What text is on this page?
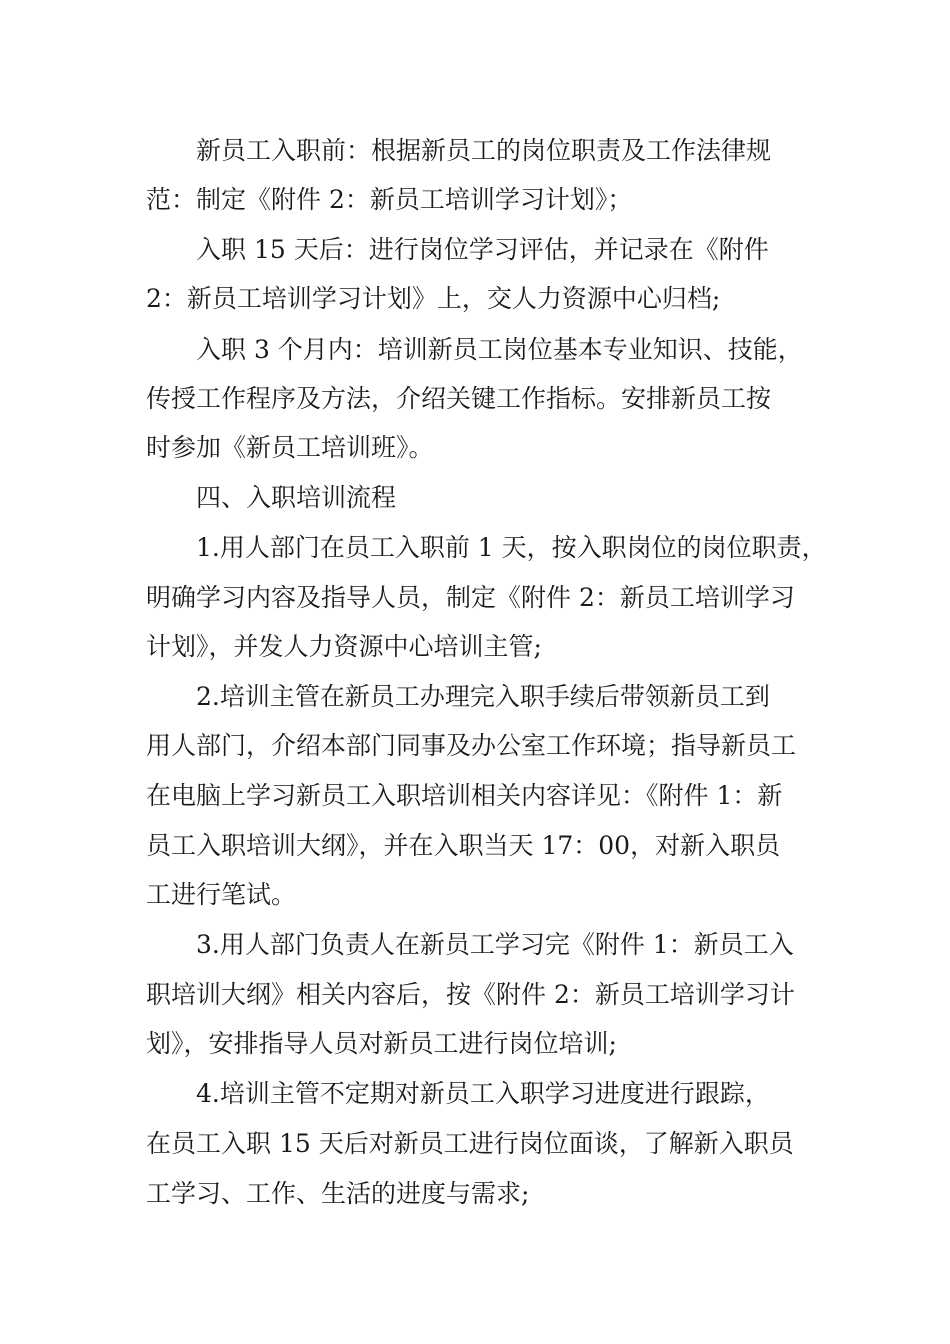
新员工入职前：根据新员工的岗位职责及工作法律规
范：制定《附件 2：新员工培训学习计划》；
入职 15 天后：进行岗位学习评估，并记录在《附件
2：新员工培训学习计划》上，交人力资源中心归档;
入职 3 个月内：培训新员工岗位基本专业知识、技能，
传授工作程序及方法，介绍关键工作指标。安排新员工按
时参加《新员工培训班》。
四、入职培训流程
1.用人部门在员工入职前 1 天，按入职岗位的岗位职责，
明确学习内容及指导人员，制定《附件 2：新员工培训学习
计划》，并发人力资源中心培训主管;
2.培训主管在新员工办理完入职手续后带领新员工到
用人部门，介绍本部门同事及办公室工作环境；指导新员工
在电脑上学习新员工入职培训相关内容详见：《附件 1：新
员工入职培训大纲》，并在入职当天 17：00，对新入职员
工进行笔试。
3.用人部门负责人在新员工学习完《附件 1：新员工入
职培训大纲》相关内容后，按《附件 2：新员工培训学习计
划》，安排指导人员对新员工进行岗位培训;
4.培训主管不定期对新员工入职学习进度进行跟踪，
在员工入职 15 天后对新员工进行岗位面谈，了解新入职员
工学习、工作、生活的进度与需求;
